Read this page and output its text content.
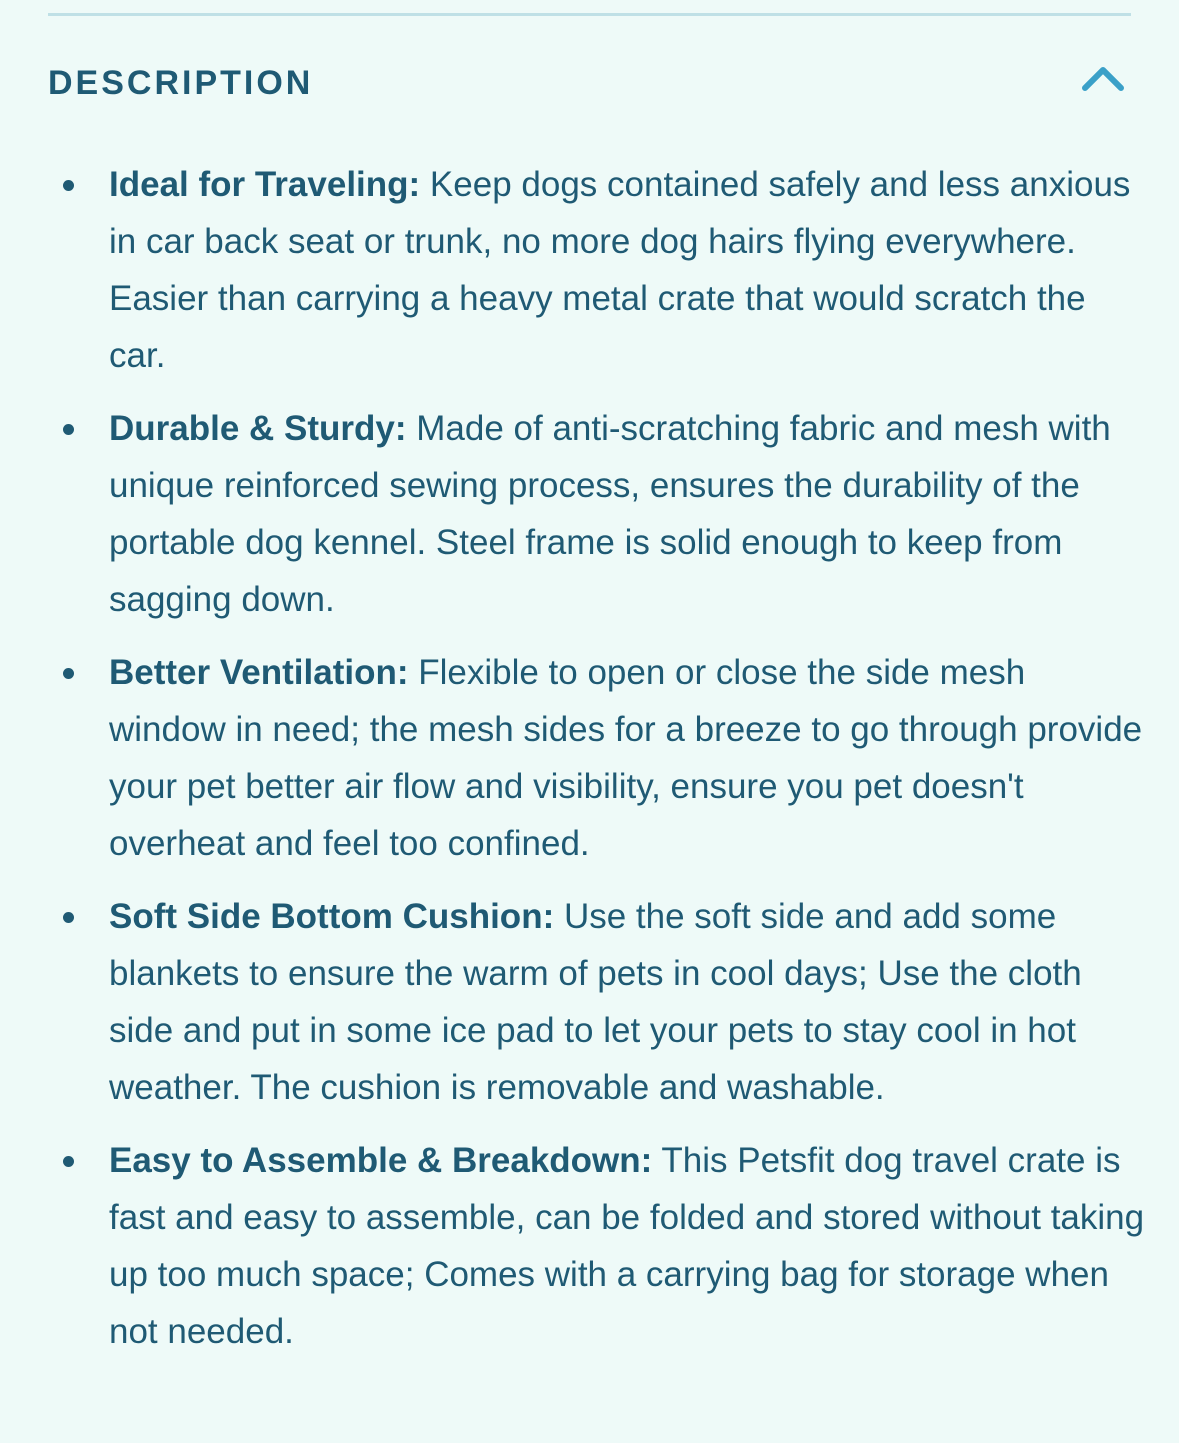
DESCRIPTION
Ideal for Traveling: Keep dogs contained safely and less anxious in car back seat or trunk, no more dog hairs flying everywhere. Easier than carrying a heavy metal crate that would scratch the car.
Durable & Sturdy: Made of anti-scratching fabric and mesh with unique reinforced sewing process, ensures the durability of the portable dog kennel. Steel frame is solid enough to keep from sagging down.
Better Ventilation: Flexible to open or close the side mesh window in need; the mesh sides for a breeze to go through provide your pet better air flow and visibility, ensure you pet doesn't overheat and feel too confined.
Soft Side Bottom Cushion: Use the soft side and add some blankets to ensure the warm of pets in cool days; Use the cloth side and put in some ice pad to let your pets to stay cool in hot weather. The cushion is removable and washable.
Easy to Assemble & Breakdown: This Petsfit dog travel crate is fast and easy to assemble, can be folded and stored without taking up too much space; Comes with a carrying bag for storage when not needed.
